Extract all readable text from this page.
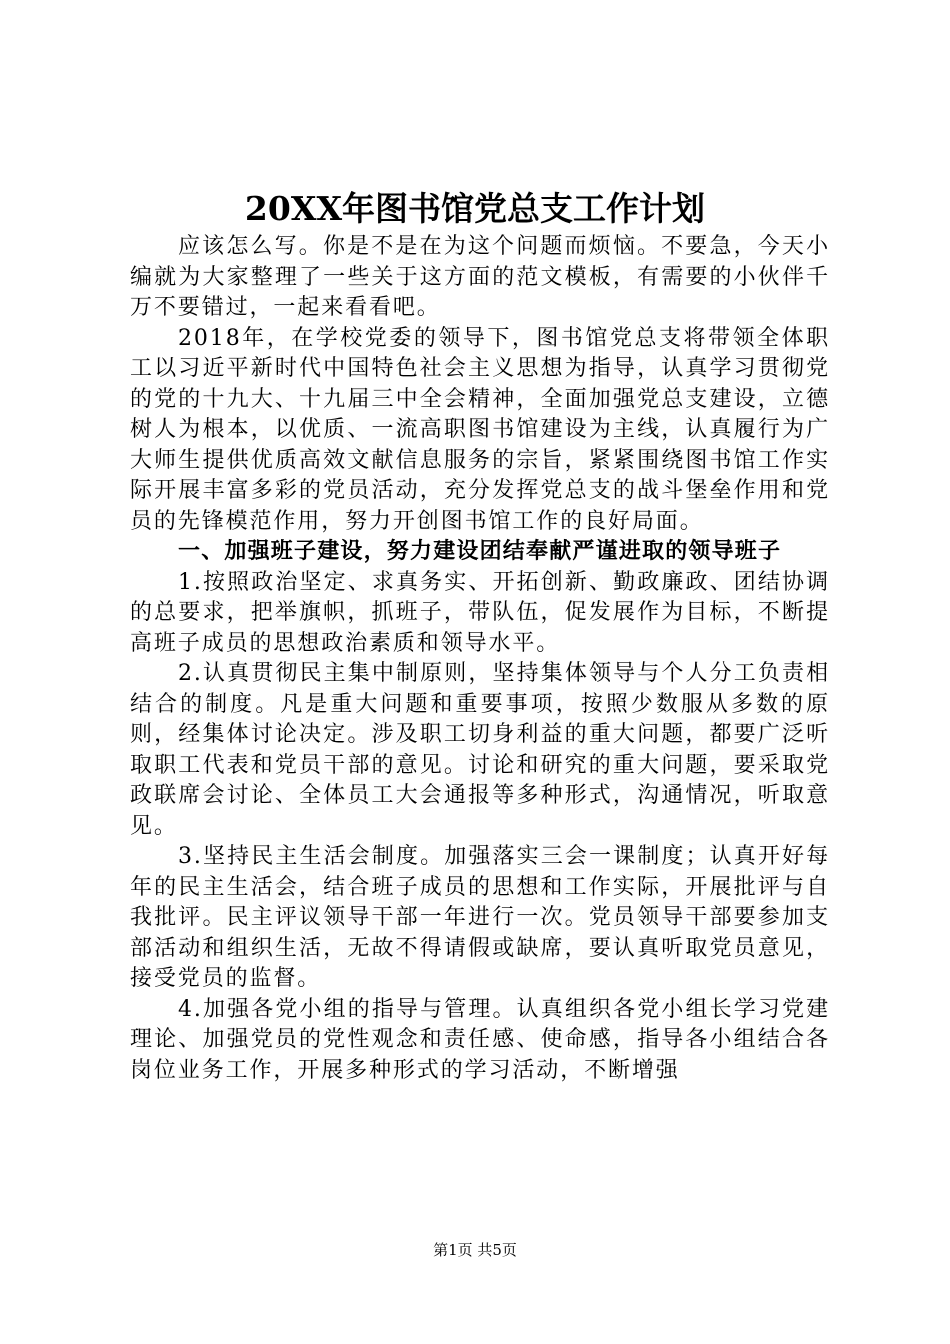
20XX年图书馆党总支工作计划

应该怎么写。你是不是在为这个问题而烦恼。不要急，今天小编就为大家整理了一些关于这方面的范文模板，有需要的小伙伴千万不要错过，一起来看看吧。

2018年，在学校党委的领导下，图书馆党总支将带领全体职工以习近平新时代中国特色社会主义思想为指导，认真学习贯彻党的党的十九大、十九届三中全会精神，全面加强党总支建设，立德树人为根本，以优质、一流高职图书馆建设为主线，认真履行为广大师生提供优质高效文献信息服务的宗旨，紧紧围绕图书馆工作实际开展丰富多彩的党员活动，充分发挥党总支的战斗堡垒作用和党员的先锋模范作用，努力开创图书馆工作的良好局面。

一、加强班子建设，努力建设团结奉献严谨进取的领导班子

1.按照政治坚定、求真务实、开拓创新、勤政廉政、团结协调的总要求，把举旗帜，抓班子，带队伍，促发展作为目标，不断提高班子成员的思想政治素质和领导水平。

2.认真贯彻民主集中制原则，坚持集体领导与个人分工负责相结合的制度。凡是重大问题和重要事项，按照少数服从多数的原则，经集体讨论决定。涉及职工切身利益的重大问题，都要广泛听取职工代表和党员干部的意见。讨论和研究的重大问题，要采取党政联席会讨论、全体员工大会通报等多种形式，沟通情况，听取意见。

3.坚持民主生活会制度。加强落实三会一课制度；认真开好每年的民主生活会，结合班子成员的思想和工作实际，开展批评与自我批评。民主评议领导干部一年进行一次。党员领导干部要参加支部活动和组织生活，无故不得请假或缺席，要认真听取党员意见，接受党员的监督。

4.加强各党小组的指导与管理。认真组织各党小组长学习党建理论、加强党员的党性观念和责任感、使命感，指导各小组结合各岗位业务工作，开展多种形式的学习活动，不断增强

第1页 共5页
